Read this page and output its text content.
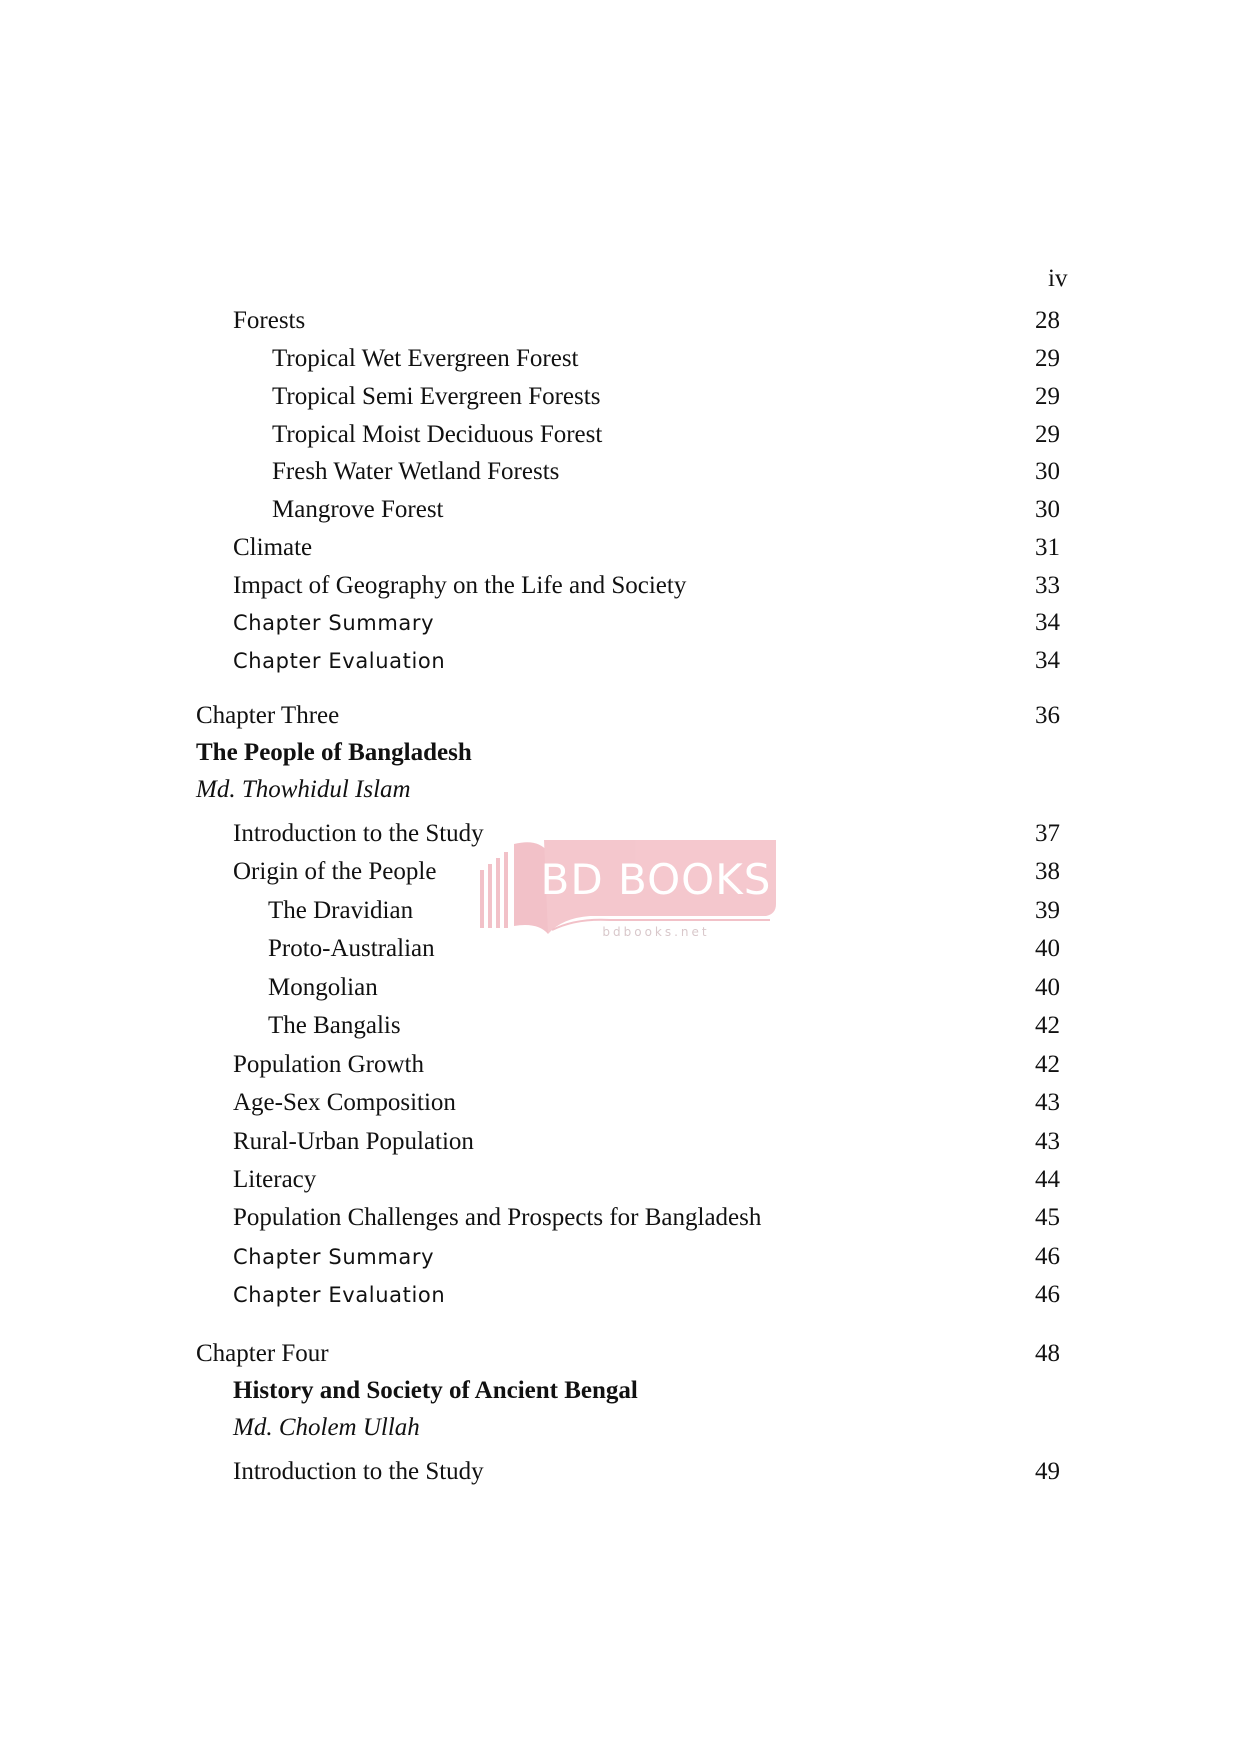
iv
Forests	28
Tropical Wet Evergreen Forest	29
Tropical Semi Evergreen Forests	29
Tropical Moist Deciduous Forest	29
Fresh Water Wetland Forests	30
Mangrove Forest	30
Climate	31
Impact of Geography on the Life and Society	33
Chapter Summary	34
Chapter Evaluation	34
Chapter Three	36
The People of Bangladesh
Md. Thowhidul Islam
Introduction to the Study	37
Origin of the People	38
The Dravidian	39
Proto-Australian	40
Mongolian	40
The Bangalis	42
Population Growth	42
Age-Sex Composition	43
Rural-Urban Population	43
Literacy	44
Population Challenges and Prospects for Bangladesh	45
Chapter Summary	46
Chapter Evaluation	46
Chapter Four	48
History and Society of Ancient Bengal
Md. Cholem Ullah
Introduction to the Study	49
BD BOOKS
bdbooks.net
